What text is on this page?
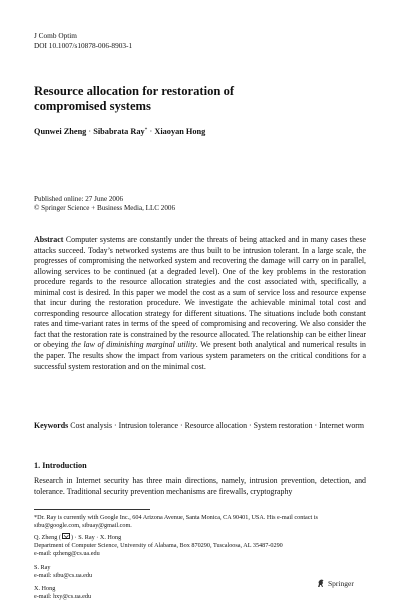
J Comb Optim
DOI 10.1007/s10878-006-8903-1
Resource allocation for restoration of
compromised systems
Qunwei Zheng · Sibabrata Ray* · Xiaoyan Hong
Published online: 27 June 2006
© Springer Science + Business Media, LLC 2006
Abstract Computer systems are constantly under the threats of being attacked and in many cases these attacks succeed. Today’s networked systems are thus built to be intrusion tolerant. In a large scale, the progresses of compromising the networked system and recovering the damage will carry on in parallel, allowing services to be continued (at a degraded level). One of the key problems in the restoration procedure regards to the resource allocation strategies and the cost associated with, specifically, a minimal cost is desired. In this paper we model the cost as a sum of service loss and resource expense that incur during the restoration procedure. We investigate the achievable minimal total cost and corresponding resource allocation strategy for different situations. The situations include both constant rates and time-variant rates in terms of the speed of compromising and recovering. We also consider the fact that the restoration rate is constrained by the resource allocated. The relationship can be either linear or obeying the law of diminishing marginal utility. We present both analytical and numerical results in the paper. The results show the impact from various system parameters on the critical conditions for a successful system restoration and on the minimal cost.
Keywords Cost analysis · Intrusion tolerance · Resource allocation · System restoration · Internet worm
1. Introduction
Research in Internet security has three main directions, namely, intrusion prevention, detection, and tolerance. Traditional security prevention mechanisms are firewalls, cryptography
*Dr. Ray is currently with Google Inc., 604 Arizona Avenue, Santa Monica, CA 90401, USA. His e-mail contact is sibu@google.com, sibuay@gmail.com.
Q. Zheng ( ) · S. Ray · X. Hong
Department of Computer Science, University of Alabama, Box 870290, Tuscaloosa, AL 35487-0290
e-mail: qzheng@cs.ua.edu
S. Ray
e-mail: sibu@cs.ua.edu
X. Hong
e-mail: hxy@cs.ua.edu
Springer
